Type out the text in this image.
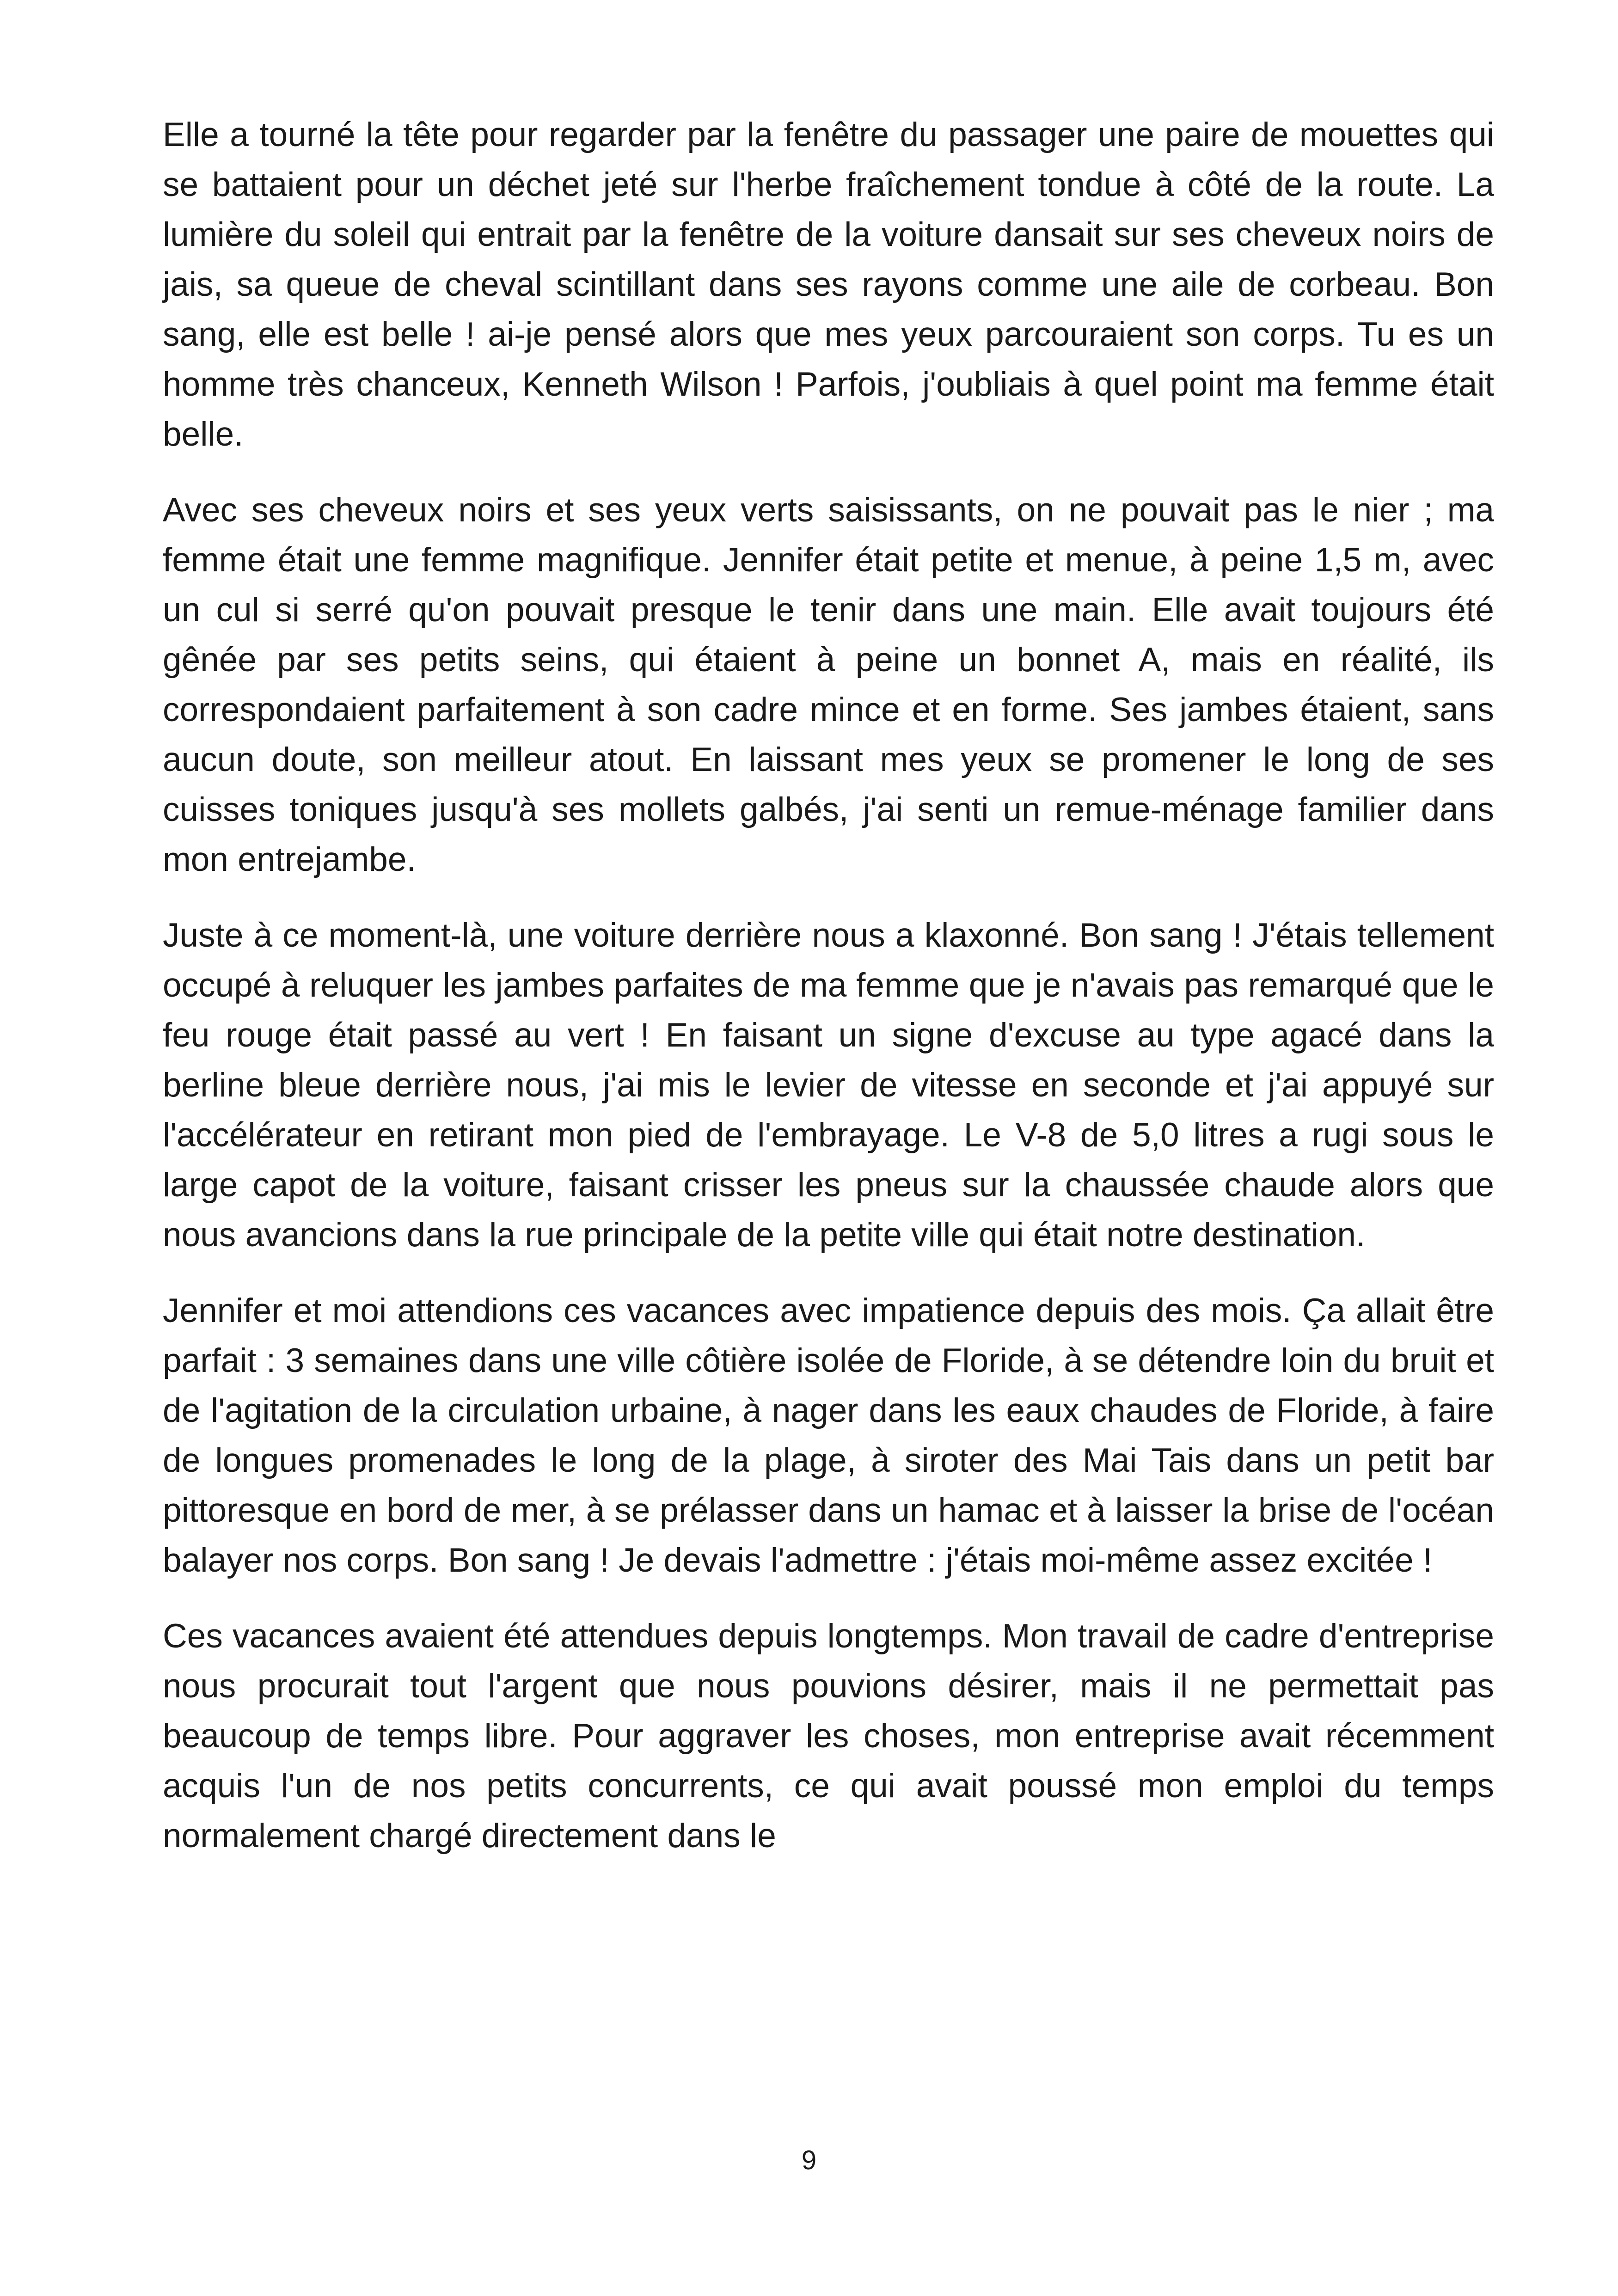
Elle a tourné la tête pour regarder par la fenêtre du passager une paire de mouettes qui se battaient pour un déchet jeté sur l'herbe fraîchement tondue à côté de la route. La lumière du soleil qui entrait par la fenêtre de la voiture dansait sur ses cheveux noirs de jais, sa queue de cheval scintillant dans ses rayons comme une aile de corbeau. Bon sang, elle est belle ! ai-je pensé alors que mes yeux parcouraient son corps. Tu es un homme très chanceux, Kenneth Wilson ! Parfois, j'oubliais à quel point ma femme était belle.

Avec ses cheveux noirs et ses yeux verts saisissants, on ne pouvait pas le nier ; ma femme était une femme magnifique. Jennifer était petite et menue, à peine 1,5 m, avec un cul si serré qu'on pouvait presque le tenir dans une main. Elle avait toujours été gênée par ses petits seins, qui étaient à peine un bonnet A, mais en réalité, ils correspondaient parfaitement à son cadre mince et en forme. Ses jambes étaient, sans aucun doute, son meilleur atout. En laissant mes yeux se promener le long de ses cuisses toniques jusqu'à ses mollets galbés, j'ai senti un remue-ménage familier dans mon entrejambe.

Juste à ce moment-là, une voiture derrière nous a klaxonné. Bon sang ! J'étais tellement occupé à reluquer les jambes parfaites de ma femme que je n'avais pas remarqué que le feu rouge était passé au vert ! En faisant un signe d'excuse au type agacé dans la berline bleue derrière nous, j'ai mis le levier de vitesse en seconde et j'ai appuyé sur l'accélérateur en retirant mon pied de l'embrayage. Le V-8 de 5,0 litres a rugi sous le large capot de la voiture, faisant crisser les pneus sur la chaussée chaude alors que nous avancions dans la rue principale de la petite ville qui était notre destination.

Jennifer et moi attendions ces vacances avec impatience depuis des mois. Ça allait être parfait : 3 semaines dans une ville côtière isolée de Floride, à se détendre loin du bruit et de l'agitation de la circulation urbaine, à nager dans les eaux chaudes de Floride, à faire de longues promenades le long de la plage, à siroter des Mai Tais dans un petit bar pittoresque en bord de mer, à se prélasser dans un hamac et à laisser la brise de l'océan balayer nos corps. Bon sang ! Je devais l'admettre : j'étais moi-même assez excitée !

Ces vacances avaient été attendues depuis longtemps. Mon travail de cadre d'entreprise nous procurait tout l'argent que nous pouvions désirer, mais il ne permettait pas beaucoup de temps libre. Pour aggraver les choses, mon entreprise avait récemment acquis l'un de nos petits concurrents, ce qui avait poussé mon emploi du temps normalement chargé directement dans le

9
